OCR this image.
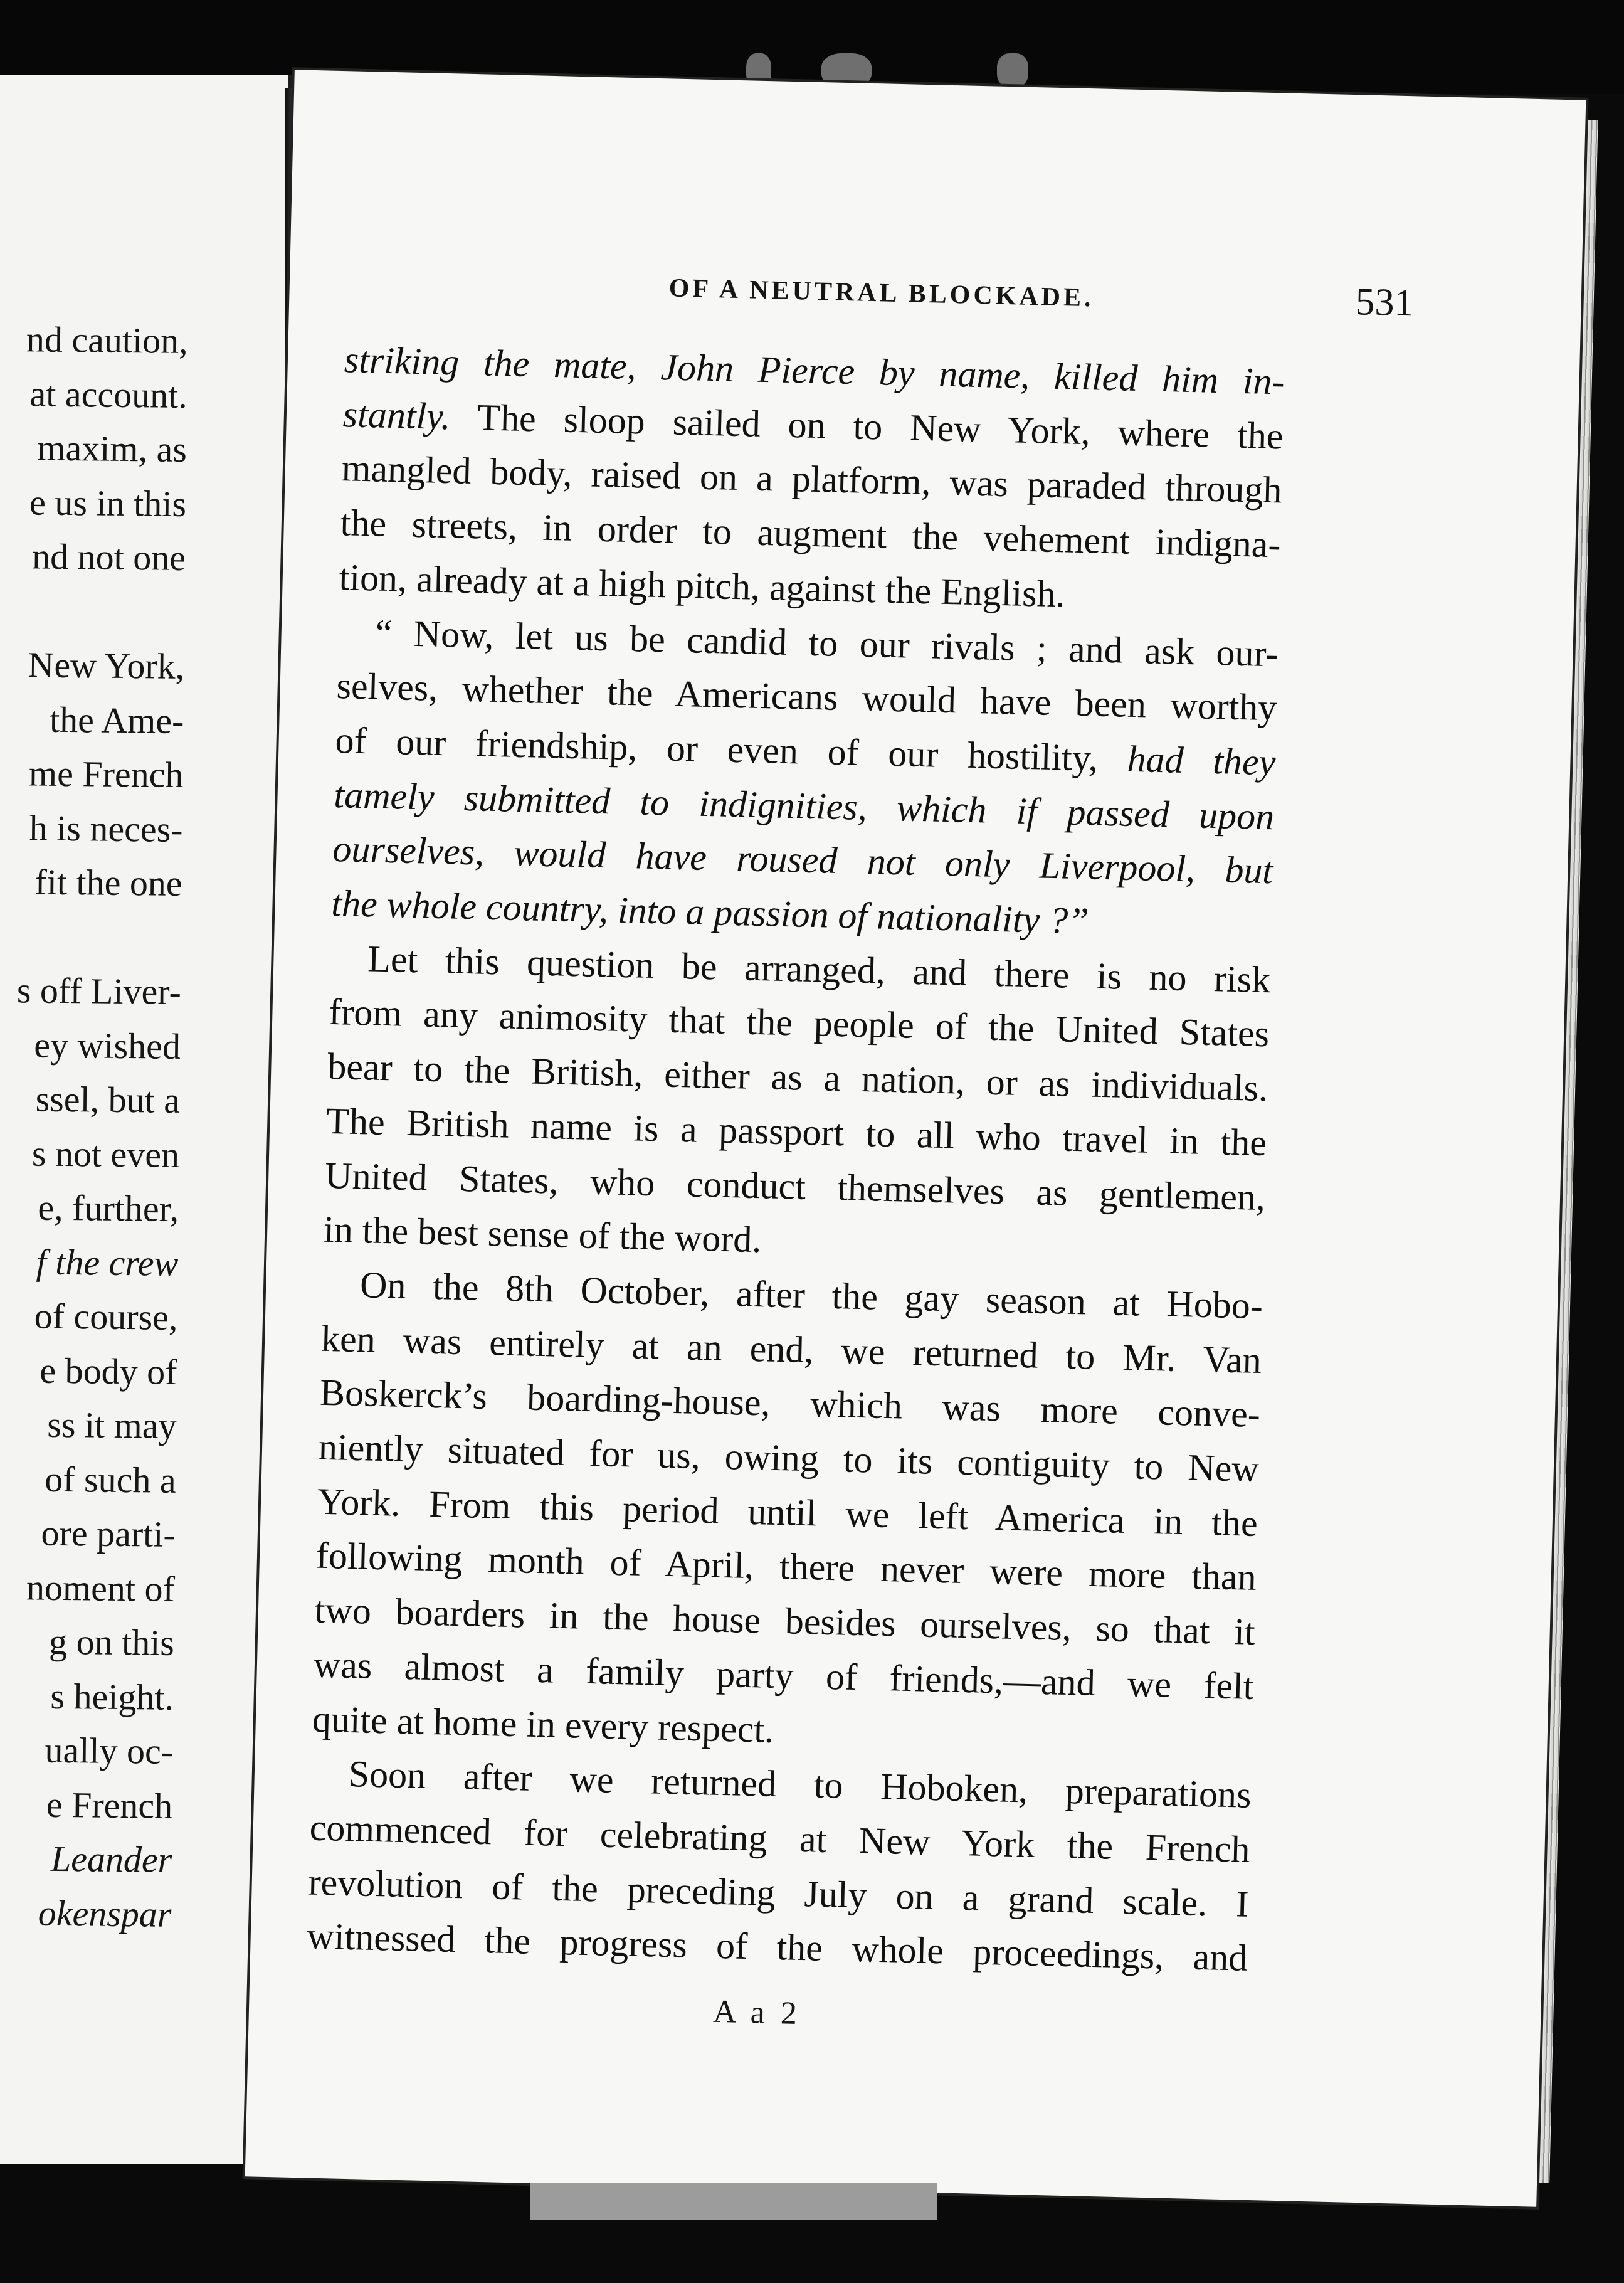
nd caution,
at account.
maxim, as
e us in this
nd not one
New York,
the Ame-
me French
h is neces-
fit the one
s off Liver-
ey wished
ssel, but a
s not even
e, further,
f the crew
of course,
e body of
ss it may
of such a
ore parti-
noment of
g on this
s height.
ually oc-
e French
Leander
okenspar
OF A NEUTRAL BLOCKADE.	531
striking the mate, John Pierce by name, killed him in-
stantly. The sloop sailed on to New York, where the
mangled body, raised on a platform, was paraded through
the streets, in order to augment the vehement indigna-
tion, already at a high pitch, against the English.
“ Now, let us be candid to our rivals ; and ask our-
selves, whether the Americans would have been worthy
of our friendship, or even of our hostility, had they
tamely submitted to indignities, which if passed upon
ourselves, would have roused not only Liverpool, but
the whole country, into a passion of nationality ?”
Let this question be arranged, and there is no risk
from any animosity that the people of the United States
bear to the British, either as a nation, or as individuals.
The British name is a passport to all who travel in the
United States, who conduct themselves as gentlemen,
in the best sense of the word.
On the 8th October, after the gay season at Hobo-
ken was entirely at an end, we returned to Mr. Van
Boskerck’s boarding-house, which was more conve-
niently situated for us, owing to its contiguity to New
York. From this period until we left America in the
following month of April, there never were more than
two boarders in the house besides ourselves, so that it
was almost a family party of friends,—and we felt
quite at home in every respect.
Soon after we returned to Hoboken, preparations
commenced for celebrating at New York the French
revolution of the preceding July on a grand scale. I
witnessed the progress of the whole proceedings, and
A a 2
